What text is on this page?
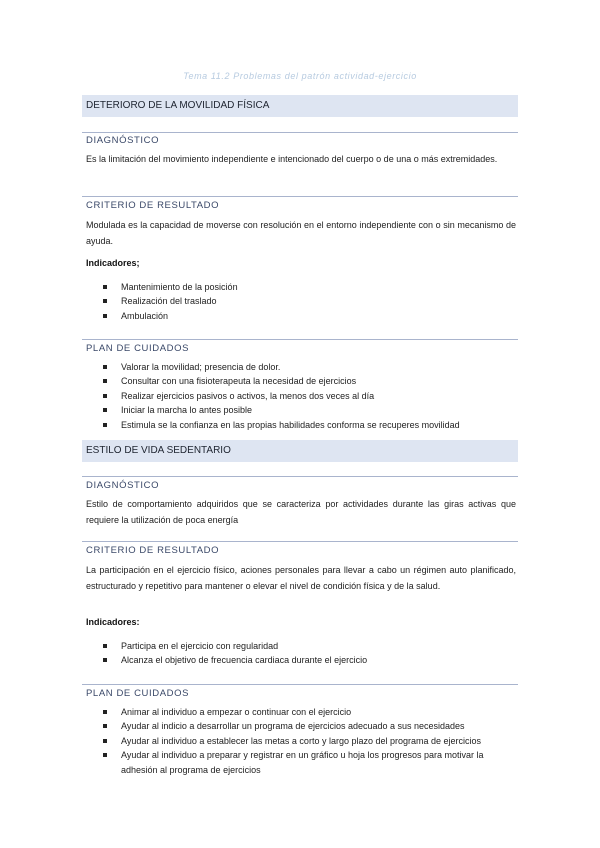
Tema 11.2 Problemas del patrón actividad-ejercicio
DETERIORO DE LA MOVILIDAD FÍSICA
DIAGNÓSTICO
Es la limitación del movimiento independiente e intencionado del cuerpo o de una o más extremidades.
CRITERIO DE RESULTADO
Modulada es la capacidad de moverse con resolución en el entorno independiente con o sin mecanismo de ayuda.
Indicadores;
Mantenimiento de la posición
Realización del traslado
Ambulación
PLAN DE CUIDADOS
Valorar la movilidad; presencia de dolor.
Consultar con una fisioterapeuta la necesidad de ejercicios
Realizar ejercicios pasivos o activos, la menos dos veces al día
Iniciar la marcha lo antes posible
Estimula se la confianza en las propias habilidades conforma se recuperes movilidad
ESTILO DE VIDA SEDENTARIO
DIAGNÓSTICO
Estilo de comportamiento adquiridos que se caracteriza por actividades durante las giras activas que requiere la utilización de poca energía
CRITERIO DE RESULTADO
La participación en el ejercicio físico, aciones personales para llevar a cabo un régimen auto planificado, estructurado y repetitivo para mantener o elevar el nivel de condición física y de la salud.
Indicadores:
Participa en el ejercicio con regularidad
Alcanza el objetivo de frecuencia cardiaca durante el ejercicio
PLAN DE CUIDADOS
Animar al individuo a empezar o continuar con el ejercicio
Ayudar al indicio a desarrollar un programa de ejercicios adecuado a sus necesidades
Ayudar al individuo a establecer las metas a corto y largo plazo del programa de ejercicios
Ayudar al individuo a preparar y registrar en un gráfico u hoja los progresos para motivar la adhesión al programa de ejercicios
